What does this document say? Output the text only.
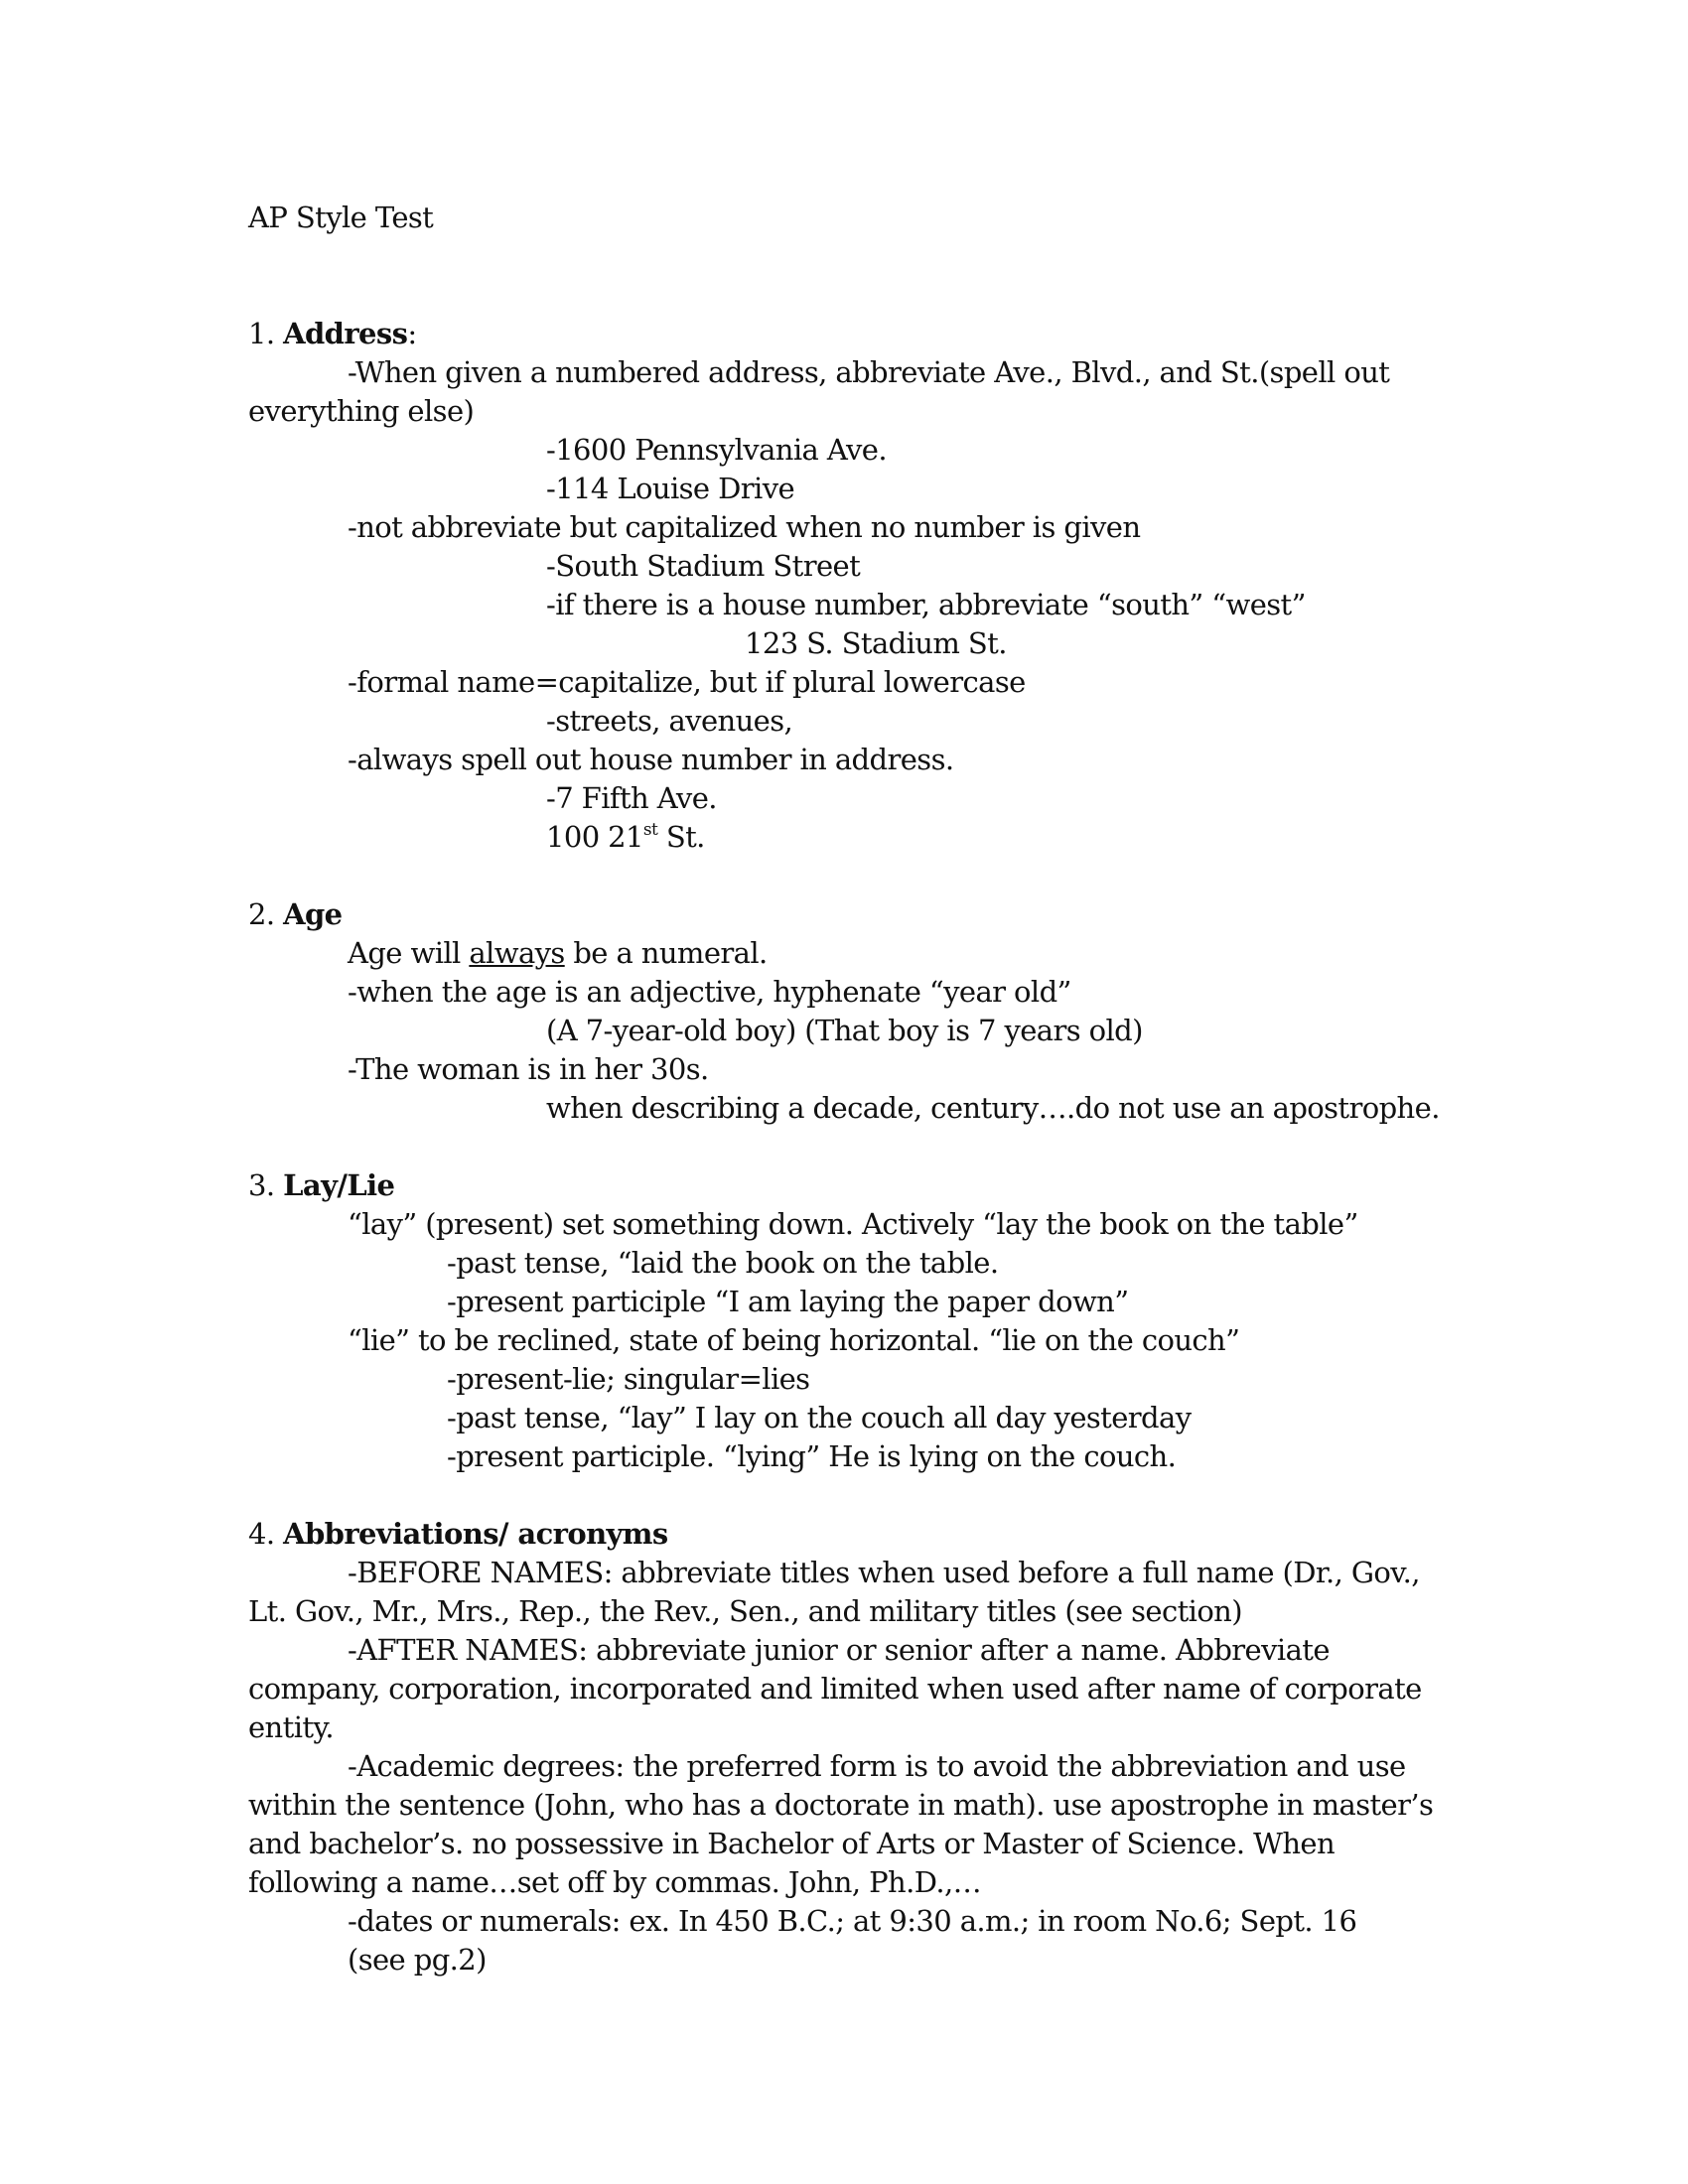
AP Style Test
1. Address:
-When given a numbered address, abbreviate Ave., Blvd., and St.(spell out everything else)
-1600 Pennsylvania Ave.
-114 Louise Drive
-not abbreviate but capitalized when no number is given
-South Stadium Street
-if there is a house number, abbreviate “south” “west”
123 S. Stadium St.
-formal name=capitalize, but if plural lowercase
-streets, avenues,
-always spell out house number in address.
-7 Fifth Ave.
100 21st St.
2. Age
Age will always be a numeral.
-when the age is an adjective, hyphenate “year old”
(A 7-year-old boy) (That boy is 7 years old)
-The woman is in her 30s.
when describing a decade, century….do not use an apostrophe.
3. Lay/Lie
“lay” (present) set something down. Actively “lay the book on the table”
-past tense, “laid the book on the table.
-present participle “I am laying the paper down”
“lie” to be reclined, state of being horizontal. “lie on the couch”
-present-lie; singular=lies
-past tense, “lay” I lay on the couch all day yesterday
-present participle. “lying” He is lying on the couch.
4. Abbreviations/ acronyms
-BEFORE NAMES: abbreviate titles when used before a full name (Dr., Gov., Lt. Gov., Mr., Mrs., Rep., the Rev., Sen., and military titles (see section)
-AFTER NAMES: abbreviate junior or senior after a name. Abbreviate company, corporation, incorporated and limited when used after name of corporate entity.
-Academic degrees: the preferred form is to avoid the abbreviation and use within the sentence (John, who has a doctorate in math). use apostrophe in master’s and bachelor’s. no possessive in Bachelor of Arts or Master of Science. When following a name…set off by commas. John, Ph.D.,…
-dates or numerals: ex. In 450 B.C.; at 9:30 a.m.; in room No.6; Sept. 16
(see pg.2)
